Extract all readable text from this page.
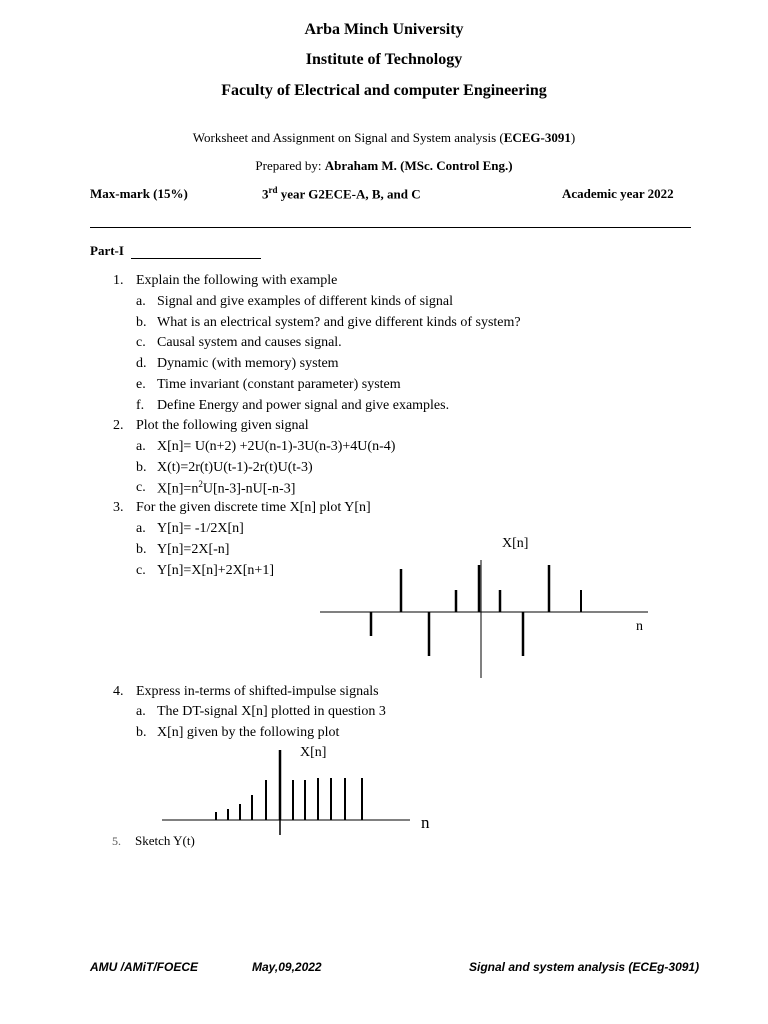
Arba Minch University
Institute of Technology
Faculty of Electrical and computer Engineering
Worksheet and Assignment on Signal and System analysis (ECEG-3091)
Prepared by: Abraham M. (MSc. Control Eng.)
Max-mark (15%)	3rd year G2ECE-A, B, and C	Academic year 2022
Part-I
1. Explain the following with example
a. Signal and give examples of different kinds of signal
b. What is an electrical system? and give different kinds of system?
c. Causal system and causes signal.
d. Dynamic (with memory) system
e. Time invariant (constant parameter) system
f. Define Energy and power signal and give examples.
2. Plot the following given signal
a. X[n]= U(n+2) +2U(n-1)-3U(n-3)+4U(n-4)
b. X(t)=2r(t)U(t-1)-2r(t)U(t-3)
c. $X[n]=n^2U[n-3]-nU[-n-3]$
3. For the given discrete time X[n] plot Y[n]
a. Y[n]= -1/2X[n]
b. Y[n]=2X[-n]
c. Y[n]=X[n]+2X[n+1]
X[n]
n
4. Express in-terms of shifted-impulse signals
a. The DT-signal X[n] plotted in question 3
b. X[n] given by the following plot
X[n]
n
5. Sketch Y(t)
AMU /AMiT/FOECE	May,09,2022	Signal and system analysis (ECEg-3091)
